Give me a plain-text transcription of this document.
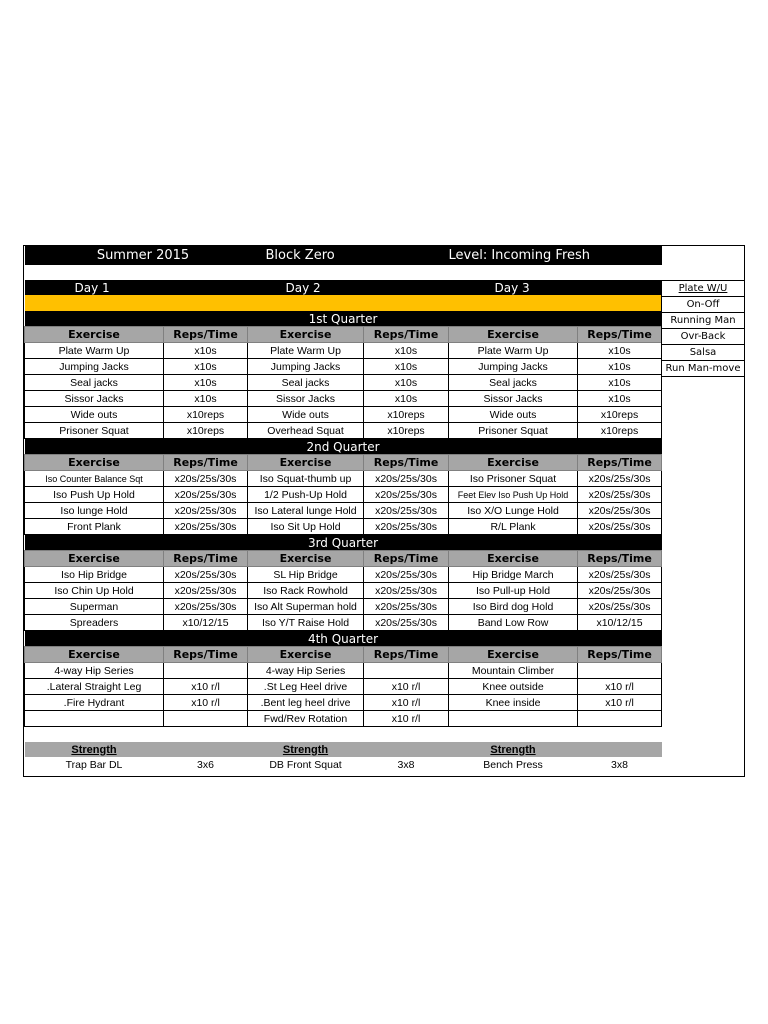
Summer 2015		Block Zero		Level: Incoming Fresh	

Day 1		Day 2		Day 3	

1st Quarter					
Exercise	Reps/Time	Exercise	Reps/Time	Exercise	Reps/Time
Plate Warm Up	x10s	Plate Warm Up	x10s	Plate Warm Up	x10s
Jumping Jacks	x10s	Jumping Jacks	x10s	Jumping Jacks	x10s
Seal jacks	x10s	Seal jacks	x10s	Seal jacks	x10s
Sissor Jacks	x10s	Sissor Jacks	x10s	Sissor Jacks	x10s
Wide outs	x10reps	Wide outs	x10reps	Wide outs	x10reps
Prisoner Squat	x10reps	Overhead Squat	x10reps	Prisoner Squat	x10reps
2nd Quarter					
Exercise	Reps/Time	Exercise	Reps/Time	Exercise	Reps/Time
Iso Counter Balance Sqt	x20s/25s/30s	Iso Squat-thumb up	x20s/25s/30s	Iso Prisoner Squat	x20s/25s/30s
Iso Push Up Hold	x20s/25s/30s	1/2 Push-Up Hold	x20s/25s/30s	Feet Elev Iso Push Up Hold	x20s/25s/30s
Iso lunge Hold	x20s/25s/30s	Iso Lateral lunge Hold	x20s/25s/30s	Iso X/O Lunge Hold	x20s/25s/30s
Front Plank	x20s/25s/30s	Iso Sit Up Hold	x20s/25s/30s	R/L Plank	x20s/25s/30s
3rd Quarter					
Exercise	Reps/Time	Exercise	Reps/Time	Exercise	Reps/Time
Iso Hip Bridge	x20s/25s/30s	SL Hip Bridge	x20s/25s/30s	Hip Bridge March	x20s/25s/30s
Iso Chin Up Hold	x20s/25s/30s	Iso Rack Rowhold	x20s/25s/30s	Iso Pull-up Hold	x20s/25s/30s
Superman	x20s/25s/30s	Iso Alt Superman hold	x20s/25s/30s	Iso Bird dog Hold	x20s/25s/30s
Spreaders	x10/12/15	Iso Y/T Raise Hold	x20s/25s/30s	Band Low Row	x10/12/15
4th Quarter					
Exercise	Reps/Time	Exercise	Reps/Time	Exercise	Reps/Time
4-way Hip Series		4-way Hip Series		Mountain Climber	
.Lateral Straight Leg	x10 r/l	.St Leg Heel drive	x10 r/l	Knee outside	x10 r/l
.Fire Hydrant	x10 r/l	.Bent leg heel drive	x10 r/l	Knee inside	x10 r/l
		Fwd/Rev Rotation	x10 r/l		

Strength		Strength		Strength	
Trap Bar DL	3x6	DB Front Squat	3x8	Bench Press	3x8
Plate W/U
On-Off
Running Man
Ovr-Back
Salsa
Run Man-move
